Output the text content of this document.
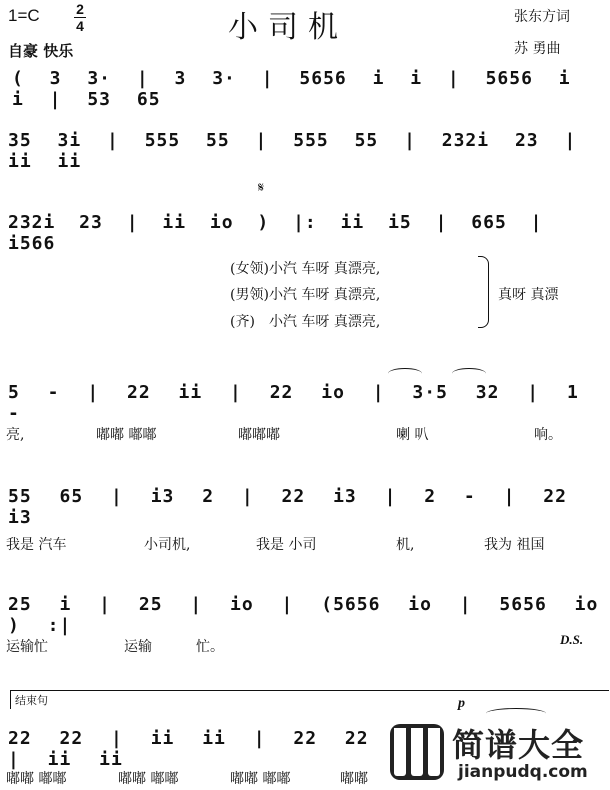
1=C	2
4	小司机
自豪 快乐
张东方词
苏 勇曲
( 3 3· | 3 3· | 5656 i i | 5656 i i | 53 65
35 3i | 555 55 | 555 55 | 232i 23 | ii ii
𝄋
232i 23 | ii io ) |: ii i5 | 665 | i566
(女领)小汽 车呀 真漂亮,
(男领)小汽 车呀 真漂亮,
(齐) 小汽 车呀 真漂亮,
真呀 真漂
5 - | 22 ii | 22 io | 3·5 32 | 1 -
亮,	嘟嘟 嘟嘟	嘟嘟嘟	喇 叭	响。
55 65 | i3 2 | 22 i3 | 2 - | 22 i3
我是 汽车	小司机,	我是 小司	机,	我为 祖国
25 i | 25 | io | (5656 io | 5656 io ) :|
运输忙	运输	忙。	D.S.
结束句	p
22 22 | ii ii | 22 22 | ii ii
嘟嘟 嘟嘟	嘟嘟 嘟嘟	嘟嘟 嘟嘟	嘟嘟
简谱大全
jianpudq.com
